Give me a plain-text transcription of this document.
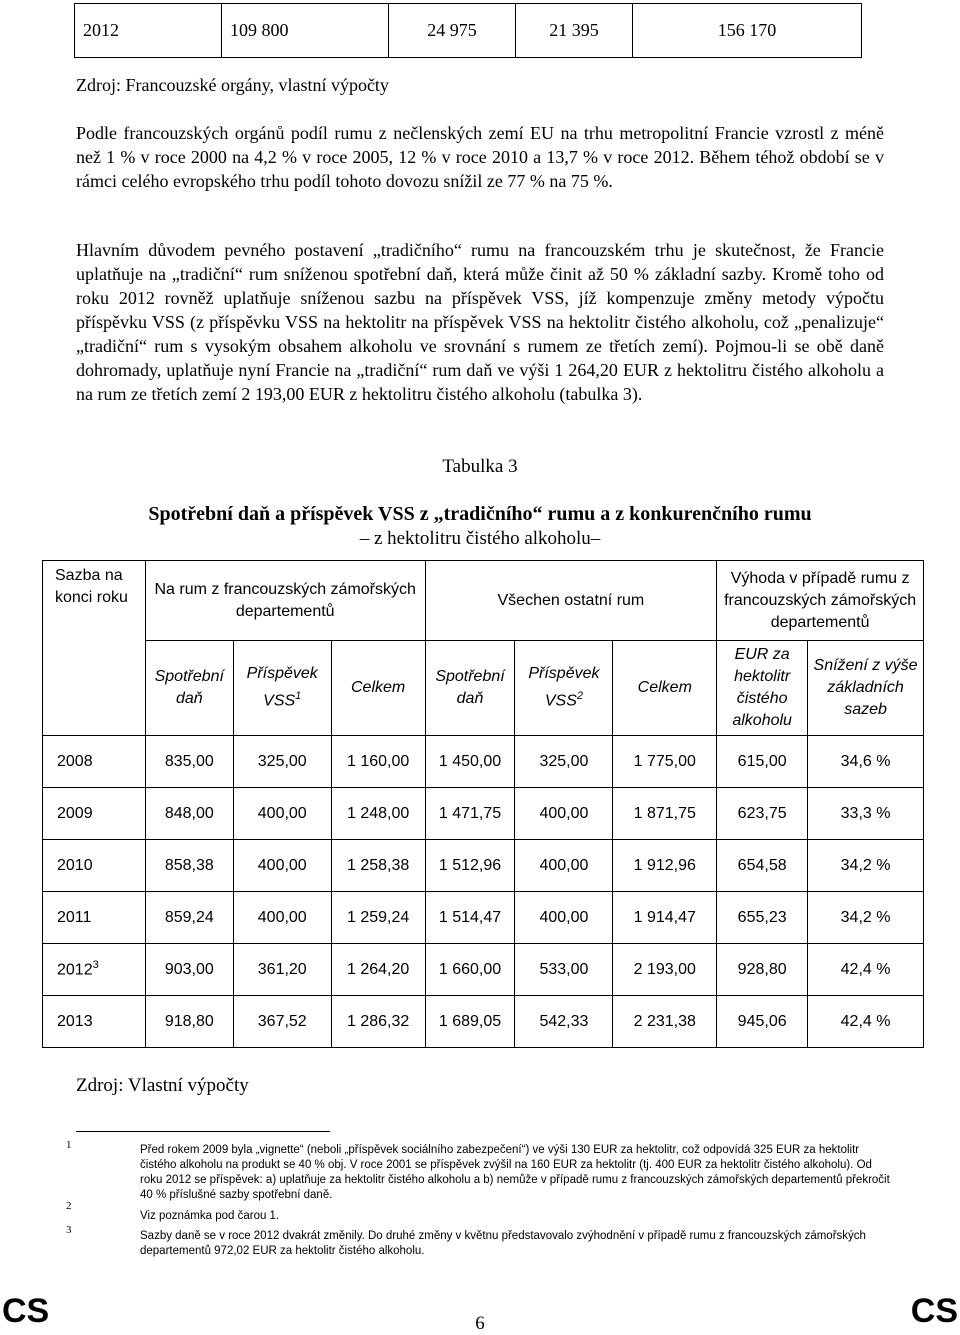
2012	109 800	24 975	21 395	156 170
Zdroj: Francouzské orgány, vlastní výpočty
Podle francouzských orgánů podíl rumu z nečlenských zemí EU na trhu metropolitní Francie vzrostl z méně než 1 % v roce 2000 na 4,2 % v roce 2005, 12 % v roce 2010 a 13,7 % v roce 2012. Během téhož období se v rámci celého evropského trhu podíl tohoto dovozu snížil ze 77 % na 75 %.
Hlavním důvodem pevného postavení „tradičního“ rumu na francouzském trhu je skutečnost, že Francie uplatňuje na „tradiční“ rum sníženou spotřební daň, která může činit až 50 % základní sazby. Kromě toho od roku 2012 rovněž uplatňuje sníženou sazbu na příspěvek VSS, jíž kompenzuje změny metody výpočtu příspěvku VSS (z příspěvku VSS na hektolitr na příspěvek VSS na hektolitr čistého alkoholu, což „penalizuje“ „tradiční“ rum s vysokým obsahem alkoholu ve srovnání s rumem ze třetích zemí). Pojmou-li se obě daně dohromady, uplatňuje nyní Francie na „tradiční“ rum daň ve výši 1 264,20 EUR z hektolitru čistého alkoholu a na rum ze třetích zemí 2 193,00 EUR z hektolitru čistého alkoholu (tabulka 3).
Tabulka 3
Spotřební daň a příspěvek VSS z „tradičního“ rumu a z konkurenčního rumu
– z hektolitru čistého alkoholu–
Sazba na konci roku	Na rum z francouzských zámořských departementů			Všechen ostatní rum			Výhoda v případě rumu z francouzských zámořských departementů	
	Spotřební daň	Příspěvek VSS$^1$	Celkem	Spotřební daň	Příspěvek VSS$^2$	Celkem	EUR za hektolitr čistého alkoholu	Snížení z výše základních sazeb
2008	835,00	325,00	1 160,00	1 450,00	325,00	1 775,00	615,00	34,6 %
2009	848,00	400,00	1 248,00	1 471,75	400,00	1 871,75	623,75	33,3 %
2010	858,38	400,00	1 258,38	1 512,96	400,00	1 912,96	654,58	34,2 %
2011	859,24	400,00	1 259,24	1 514,47	400,00	1 914,47	655,23	34,2 %
2012$^3$	903,00	361,20	1 264,20	1 660,00	533,00	2 193,00	928,80	42,4 %
2013	918,80	367,52	1 286,32	1 689,05	542,33	2 231,38	945,06	42,4 %
Zdroj: Vlastní výpočty
1	Před rokem 2009 byla „vignette“ (neboli „příspěvek sociálního zabezpečení“) ve výši 130 EUR za hektolitr, což odpovídá 325 EUR za hektolitr čistého alkoholu na produkt se 40 % obj. V roce 2001 se příspěvek zvýšil na 160 EUR za hektolitr (tj. 400 EUR za hektolitr čistého alkoholu). Od roku 2012 se příspěvek: a) uplatňuje za hektolitr čistého alkoholu a b) nemůže v případě rumu z francouzských zámořských departementů překročit 40 % příslušné sazby spotřební daně.
2
Viz poznámka pod čarou 1.
3	Sazby daně se v roce 2012 dvakrát změnily. Do druhé změny v květnu představovalo zvýhodnění v případě rumu z francouzských zámořských departementů 972,02 EUR za hektolitr čistého alkoholu.
CS	6	CS
